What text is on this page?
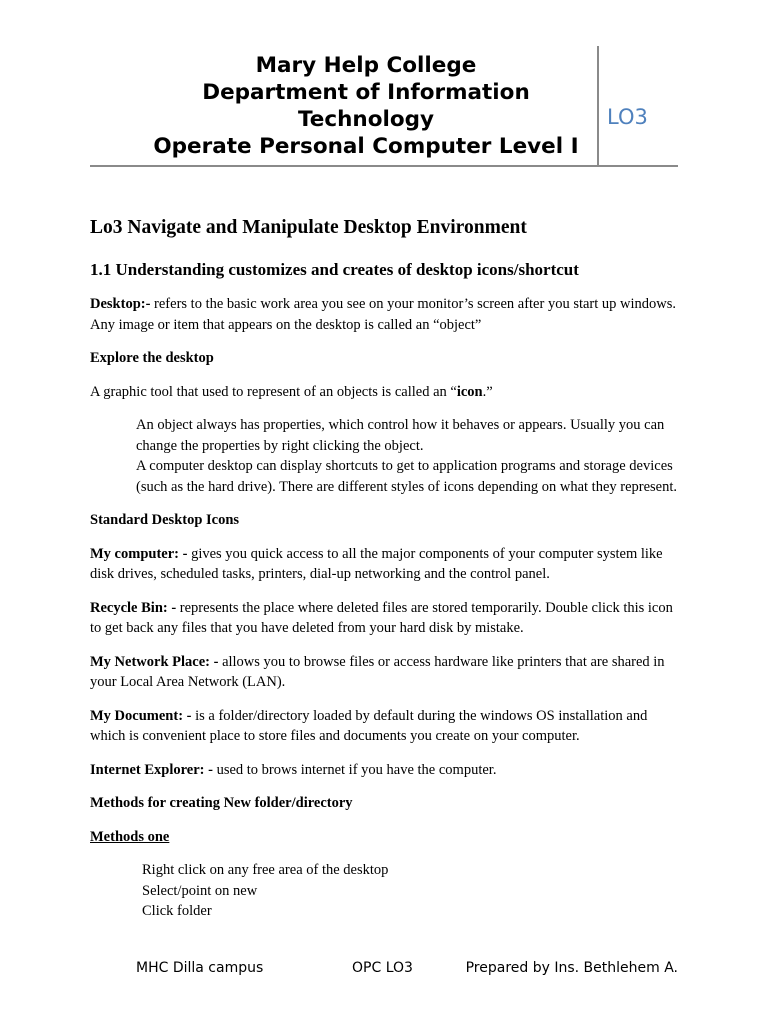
Mary Help College
Department of Information
Technology
Operate Personal Computer Level I
LO3
Lo3 Navigate and Manipulate Desktop Environment
1.1 Understanding customizes and creates of desktop icons/shortcut

Desktop:- refers to the basic work area you see on your monitor’s screen after you start up windows. Any image or item that appears on the desktop is called an “object”

Explore the desktop

A graphic tool that used to represent of an objects is called an “icon.”

An object always has properties, which control how it behaves or appears. Usually you can change the properties by right clicking the object.
A computer desktop can display shortcuts to get to application programs and storage devices (such as the hard drive). There are different styles of icons depending on what they represent.

Standard Desktop Icons

My computer: - gives you quick access to all the major components of your computer system like disk drives, scheduled tasks, printers, dial-up networking and the control panel.

Recycle Bin: - represents the place where deleted files are stored temporarily. Double click this icon to get back any files that you have deleted from your hard disk by mistake.

My Network Place: - allows you to browse files or access hardware like printers that are shared in your Local Area Network (LAN).

My Document: - is a folder/directory loaded by default during the windows OS installation and which is convenient place to store files and documents you create on your computer.

Internet Explorer: - used to brows internet if you have the computer.

Methods for creating New folder/directory

Methods one

Right click on any free area of the desktop
Select/point on new
Click folder
MHC Dilla campus	OPC LO3	Prepared by Ins. Bethlehem A.
